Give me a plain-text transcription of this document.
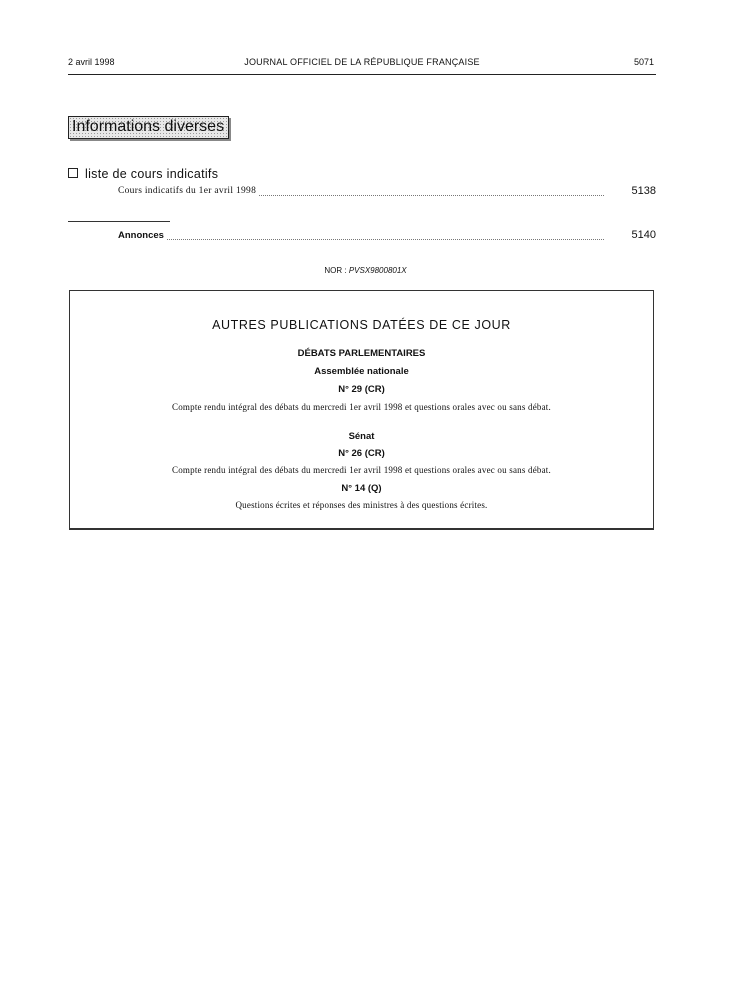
2 avril 1998	JOURNAL OFFICIEL DE LA RÉPUBLIQUE FRANÇAISE	5071
Informations diverses
liste de cours indicatifs
Cours indicatifs du 1er avril 1998	5138
Annonces	5140
NOR : PVSX9800801X
AUTRES PUBLICATIONS DATÉES DE CE JOUR
DÉBATS PARLEMENTAIRES
Assemblée nationale
N° 29 (CR)
Compte rendu intégral des débats du mercredi 1er avril 1998 et questions orales avec ou sans débat.
Sénat
N° 26 (CR)
Compte rendu intégral des débats du mercredi 1er avril 1998 et questions orales avec ou sans débat.
N° 14 (Q)
Questions écrites et réponses des ministres à des questions écrites.
